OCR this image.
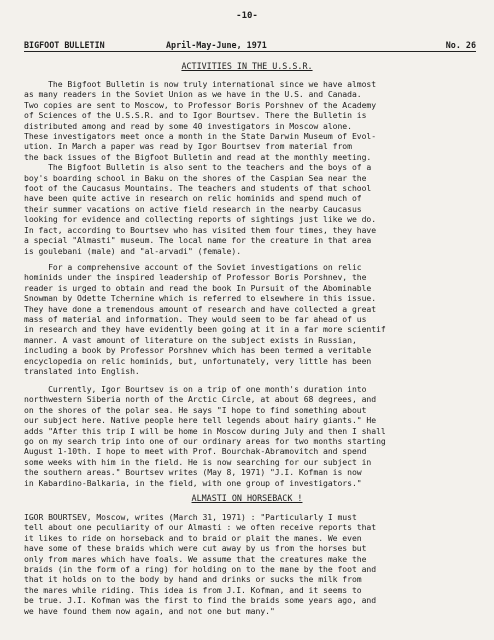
-10-
BIGFOOT BULLETIN	April-May-June, 1971	No. 26
ACTIVITIES IN THE U.S.S.R.
The Bigfoot Bulletin is now truly international since we have almost
as many readers in the Soviet Union as we have in the U.S. and Canada.
Two copies are sent to Moscow, to Professor Boris Porshnev of the Academy
of Sciences of the U.S.S.R. and to Igor Bourtsev. There the Bulletin is
distributed among and read by some 40 investigators in Moscow alone.
These investigators meet once a month in the State Darwin Museum of Evol-
ution. In March a paper was read by Igor Bourtsev from material from
the back issues of the Bigfoot Bulletin and read at the monthly meeting.
The Bigfoot Bulletin is also sent to the teachers and the boys of a
boy's boarding school in Baku on the shores of the Caspian Sea near the
foot of the Caucasus Mountains. The teachers and students of that school
have been quite active in research on relic hominids and spend much of
their summer vacations on active field research in the nearby Caucasus
looking for evidence and collecting reports of sightings just like we do.
In fact, according to Bourtsev who has visited them four times, they have
a special "Almasti" museum. The local name for the creature in that area
is goulebani (male) and "al-arvadi" (female).
For a comprehensive account of the Soviet investigations on relic
hominids under the inspired leadership of Professor Boris Porshnev, the
reader is urged to obtain and read the book In Pursuit of the Abominable
Snowman by Odette Tchernine which is referred to elsewhere in this issue.
They have done a tremendous amount of research and have collected a great
mass of material and information. They would seem to be far ahead of us
in research and they have evidently been going at it in a far more scientif
manner. A vast amount of literature on the subject exists in Russian,
including a book by Professor Porshnev which has been termed a veritable
encyclopedia on relic hominids, but, unfortunately, very little has been
translated into English.
Currently, Igor Bourtsev is on a trip of one month's duration into
northwestern Siberia north of the Arctic Circle, at about 68 degrees, and
on the shores of the polar sea. He says "I hope to find something about
our subject here. Native people here tell legends about hairy giants." He
adds "After this trip I will be home in Moscow during July and then I shall
go on my search trip into one of our ordinary areas for two months starting
August 1-10th. I hope to meet with Prof. Bourchak-Abramovitch and spend
some weeks with him in the field. He is now searching for our subject in
the southern areas." Bourtsev writes (May 8, 1971) "J.I. Kofman is now
in Kabardino-Balkaria, in the field, with one group of investigators."
ALMASTI ON HORSEBACK !
IGOR BOURTSEV, Moscow, writes (March 31, 1971) : "Particularly I must
tell about one peculiarity of our Almasti : we often receive reports that
it likes to ride on horseback and to braid or plait the manes. We even
have some of these braids which were cut away by us from the horses but
only from mares which have foals. We assume that the creatures make the
braids (in the form of a ring) for holding on to the mane by the foot and
that it holds on to the body by hand and drinks or sucks the milk from
the mares while riding. This idea is from J.I. Kofman, and it seems to
be true. J.I. Kofman was the first to find the braids some years ago, and
we have found them now again, and not one but many."
